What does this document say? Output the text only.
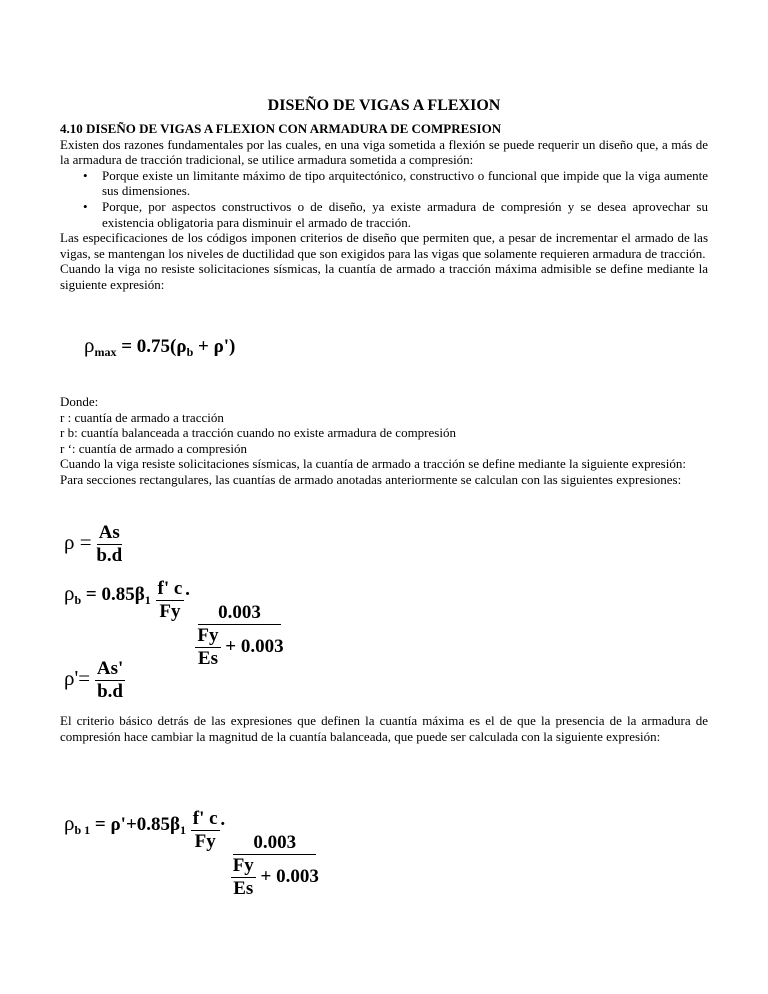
DISEÑO DE VIGAS A FLEXION

4.10 DISEÑO DE VIGAS A FLEXION CON ARMADURA DE COMPRESION

Existen dos razones fundamentales por las cuales, en una viga sometida a flexión se puede requerir un diseño que, a más de la armadura de tracción tradicional, se utilice armadura sometida a compresión:

• Porque existe un limitante máximo de tipo arquitectónico, constructivo o funcional que impide que la viga aumente sus dimensiones.
• Porque, por aspectos constructivos o de diseño, ya existe armadura de compresión y se desea aprovechar su existencia obligatoria para disminuir el armado de tracción.

Las especificaciones de los códigos imponen criterios de diseño que permiten que, a pesar de incrementar el armado de las vigas, se mantengan los niveles de ductilidad que son exigidos para las vigas que solamente requieren armadura de tracción.

Cuando la viga no resiste solicitaciones sísmicas, la cuantía de armado a tracción máxima admisible se define mediante la siguiente expresión:

$\rho_{max} = 0.75(\rho_b + \rho')$

Donde:

r : cuantía de armado a tracción

r b: cuantía balanceada a tracción cuando no existe armadura de compresión

r ‘: cuantía de armado a compresión

Cuando la viga resiste solicitaciones sísmicas, la cuantía de armado a tracción se define mediante la siguiente expresión:

Para secciones rectangulares, las cuantías de armado anotadas anteriormente se calculan con las siguientes expresiones:

$\rho = \frac{As}{b.d}$
$\rho_b = 0.85\beta_1 \frac{f' c}{Fy}$ ·
$\frac{0.003}{\frac{Fy}{Es} + 0.003}$
$\rho'= \frac{As'}{b.d}$

El criterio básico detrás de las expresiones que definen la cuantía máxima es el de que la presencia de la armadura de compresión hace cambiar la magnitud de la cuantía balanceada, que puede ser calculada con la siguiente expresión:

$\rho_{b 1} = \rho'+0.85\beta_1 \frac{f' c}{Fy}$ ·
$\frac{0.003}{\frac{Fy}{Es} + 0.003}$
